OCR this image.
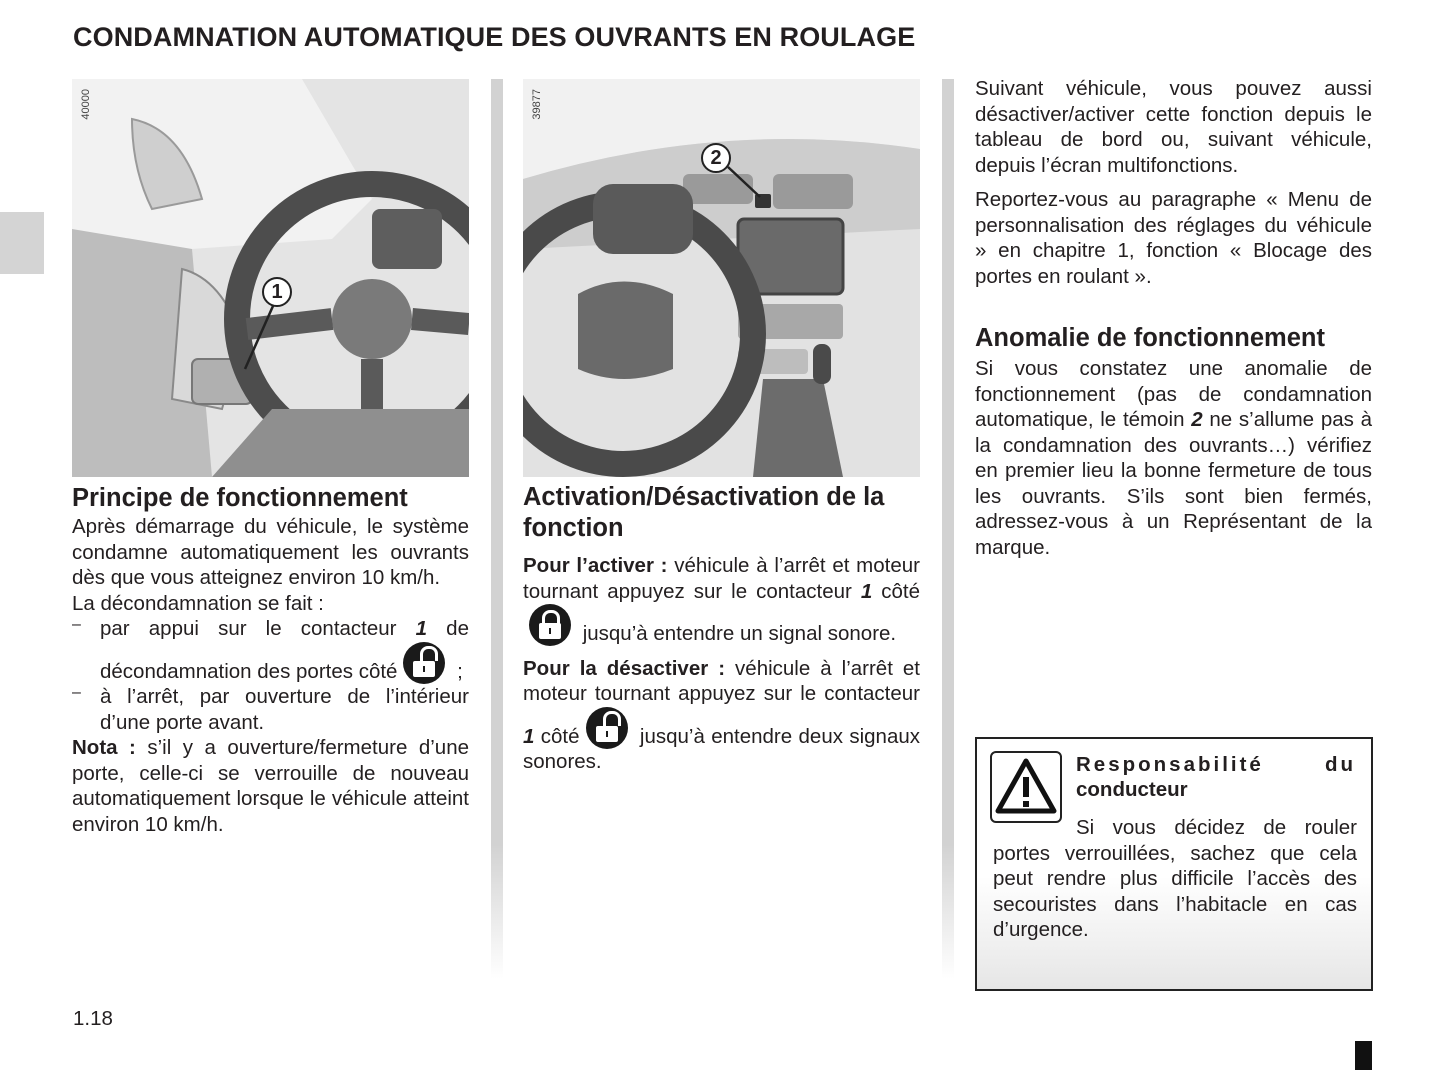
CONDAMNATION AUTOMATIQUE DES OUVRANTS EN ROULAGE
40000
1
Principe de fonctionnement

Après démarrage du véhicule, le système condamne automatiquement les ouvrants dès que vous atteignez environ 10 km/h.

La décondamnation se fait :

– par appui sur le contacteur 1 de décondamnation des portes côté	;

– à l’arrêt, par ouverture de l’intérieur d’une porte avant.

Nota : s’il y a ouverture/fermeture d’une porte, celle-ci se verrouille de nouveau automatiquement lorsque le véhicule atteint environ 10 km/h.

39877
2
Activation/Désactivation de la fonction

Pour l’activer : véhicule à l’arrêt et moteur tournant appuyez sur le contacteur 1 côté
jusqu’à entendre un signal sonore.

Pour la désactiver : véhicule à l’arrêt et moteur tournant appuyez sur le contacteur 1 côté	jusqu’à entendre deux signaux sonores.

Suivant véhicule, vous pouvez aussi désactiver/activer cette fonction depuis le tableau de bord ou, suivant véhicule, depuis l’écran multifonctions.

Reportez-vous au paragraphe « Menu de personnalisation des réglages du véhicule » en chapitre 1, fonction « Blocage des portes en roulant ».

Anomalie de fonctionnement

Si vous constatez une anomalie de fonctionnement (pas de condamnation automatique, le témoin 2 ne s’allume pas à la condamnation des ouvrants…) vérifiez en premier lieu la bonne fermeture de tous les ouvrants. S’ils sont bien fermés, adressez-vous à un Représentant de la marque.

Responsabilité	du
conducteur

Si vous décidez de rouler portes verrouillées, sachez que cela peut rendre plus difficile l’accès des secouristes dans l’habitacle en cas d’urgence.

1.18
